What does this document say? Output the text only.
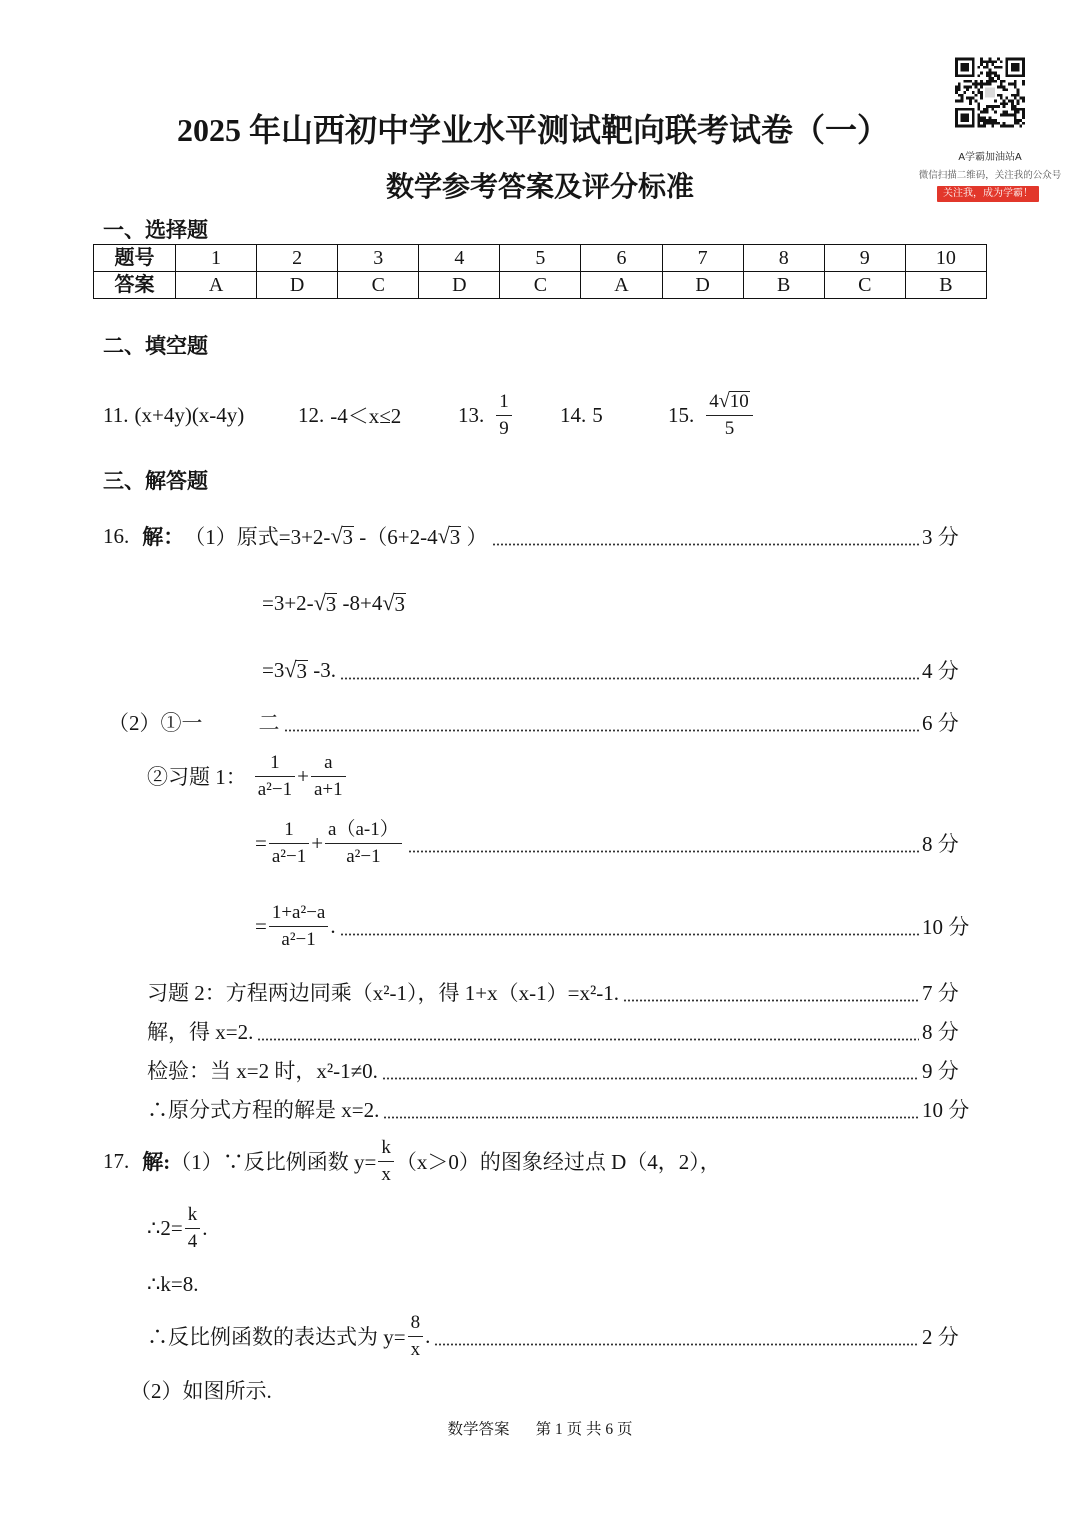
2025 年山西初中学业水平测试靶向联考试卷（一）
数学参考答案及评分标准
A学霸加油站A
微信扫描二维码，关注我的公众号
关注我，成为学霸！
一、选择题
题号	1	2	3	4	5	6	7	8	9	10
答案	A	D	C	D	C	A	D	B	C	B
二、填空题
11. (x+4y)(x-4y)	12. -4＜x≤2	13. $\frac{1}{9} 14$. 5	15. $\frac{4 √ 10}{5}$
三、解答题
16. 解： （1）原式=3+2- √ 3 -（6+2-4 √ 3 ）	3 分
=3+2- √ 3 -8+4 √ 3
=3 √ 3 -3.	4 分
（2）①一	二	6 分
②习题 1： $\frac{1}{\text{a²−1}} + \frac{a}{a+1}$
= $\frac{1}{\text{a²−1}} + \frac{a(a-1)}{\text{a²−1}}$	8 分
= $\frac{\text{1+a²−a}}{\text{a²−1}}$ .	10 分
习题 2：方程两边同乘（x²-1），得 1+x（x-1）=x²-1.	7 分
解，得 x=2.	8 分
检验：当 x=2 时，x²-1≠0.	9 分
∴原分式方程的解是 x=2.	10 分
17. 解: （1）∵反比例函数 $y= \frac{k}{x} (x>0)$的图象经过点 D（4，2），
∴2= $\frac{k}{4}$ .
∴k=8.
∴反比例函数的表达式为 $y= \frac{8}{x}$ .	2 分
（2）如图所示.
数学答案 第 1 页 共 6 页
